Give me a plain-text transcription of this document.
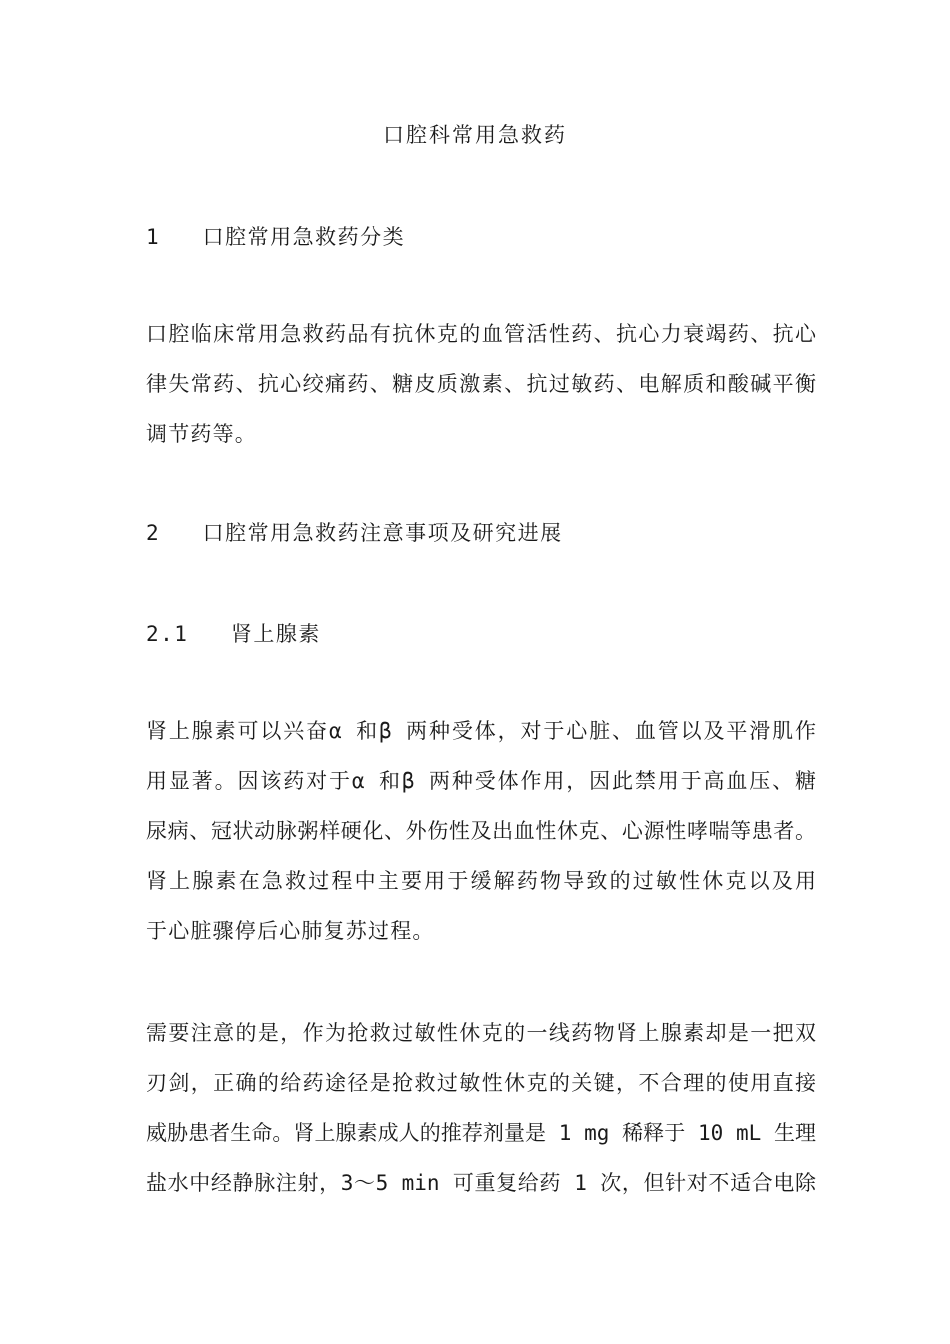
口腔科常用急救药
1   口腔常用急救药分类
口腔临床常用急救药品有抗休克的血管活性药、抗心力衰竭药、抗心
律失常药、抗心绞痛药、糖皮质激素、抗过敏药、电解质和酸碱平衡
调节药等。
2   口腔常用急救药注意事项及研究进展
2.1   肾上腺素
肾上腺素可以兴奋α 和β 两种受体，对于心脏、血管以及平滑肌作
用显著。因该药对于α 和β 两种受体作用，因此禁用于高血压、糖
尿病、冠状动脉粥样硬化、外伤性及出血性休克、心源性哮喘等患者。
肾上腺素在急救过程中主要用于缓解药物导致的过敏性休克以及用
于心脏骤停后心肺复苏过程。
需要注意的是，作为抢救过敏性休克的一线药物肾上腺素却是一把双
刃剑，正确的给药途径是抢救过敏性休克的关键，不合理的使用直接
威胁患者生命。肾上腺素成人的推荐剂量是 1 mg 稀释于 10 mL 生理
盐水中经静脉注射，3～5 min 可重复给药 1 次，但针对不适合电除
